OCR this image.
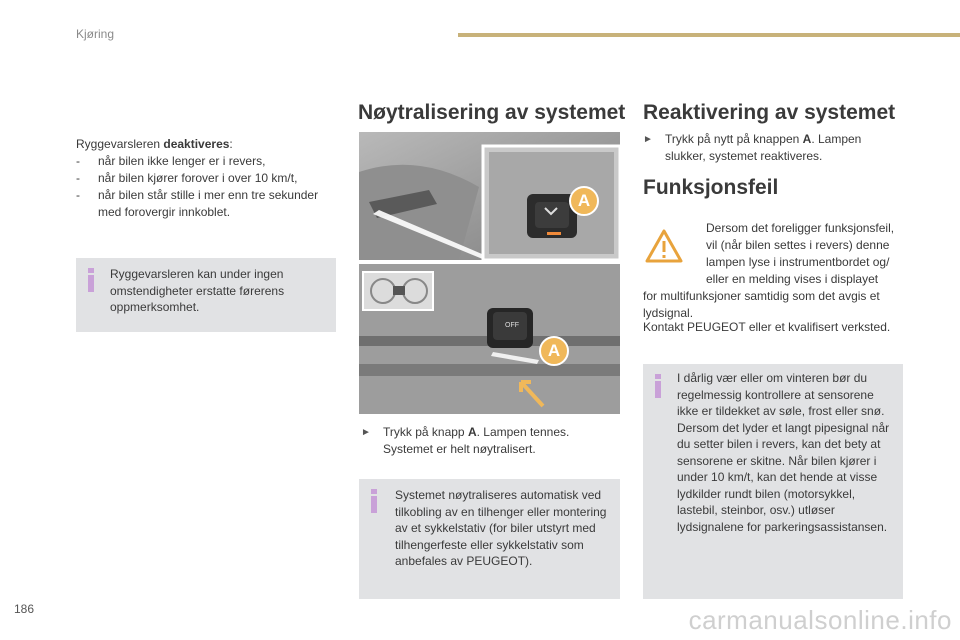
Kjøring
Ryggevarsleren deaktiveres:
- når bilen ikke lenger er i revers,
- når bilen kjører forover i over 10 km/t,
- når bilen står stille i mer enn tre sekunder med forovergir innkoblet.
Ryggevarsleren kan under ingen omstendigheter erstatte førerens oppmerksomhet.
Nøytralisering av systemet
A
OFF
A
►	Trykk på knapp A. Lampen tennes. Systemet er helt nøytralisert.
Systemet nøytraliseres automatisk ved tilkobling av en tilhenger eller montering av et sykkelstativ (for biler utstyrt med tilhengerfeste eller sykkelstativ som anbefales av PEUGEOT).
Reaktivering av systemet
►	Trykk på nytt på knappen A. Lampen slukker, systemet reaktiveres.
Funksjonsfeil
Dersom det foreligger funksjonsfeil, vil (når bilen settes i revers) denne lampen lyse i instrumentbordet og/ eller en melding vises i displayet
for multifunksjoner samtidig som det avgis et lydsignal.
Kontakt PEUGEOT eller et kvalifisert verksted.
I dårlig vær eller om vinteren bør du regelmessig kontrollere at sensorene ikke er tildekket av søle, frost eller snø. Dersom det lyder et langt pipesignal når du setter bilen i revers, kan det bety at sensorene er skitne. Når bilen kjører i under 10 km/t, kan det hende at visse lydkilder rundt bilen (motorsykkel, lastebil, steinbor, osv.) utløser lydsignalene for parkeringsassistansen.
186	carmanualsonline.info
